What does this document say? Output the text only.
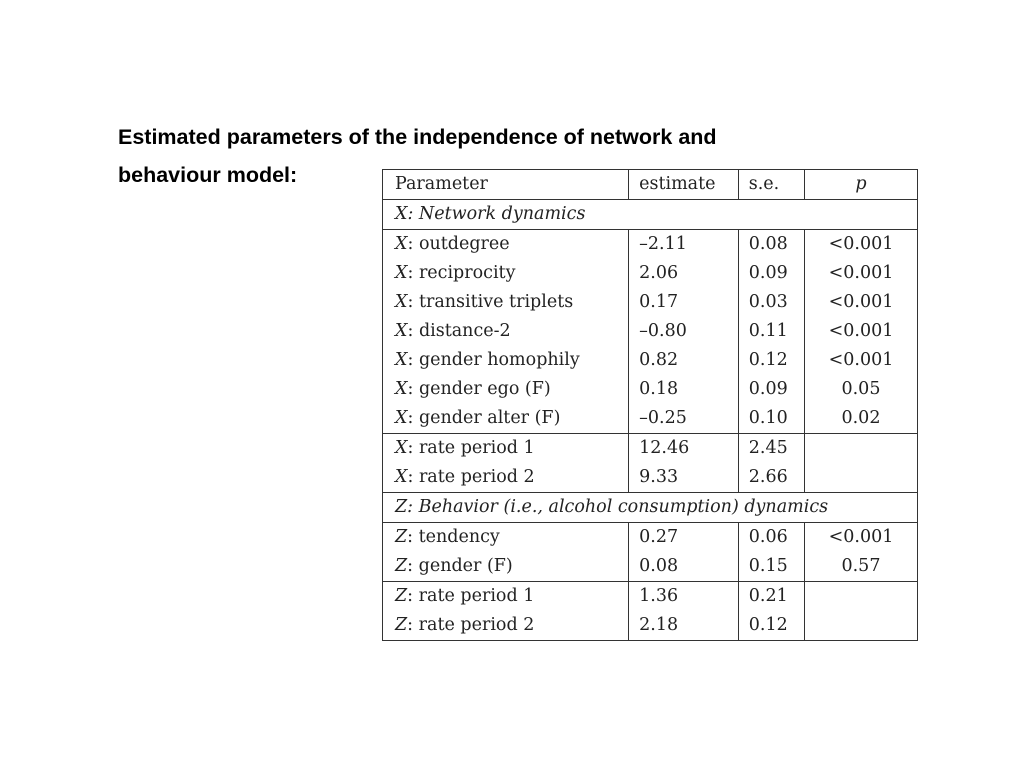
Estimated parameters of the independence of network and
behaviour model:	Parameter	estimate	s.e.	p
X: Network dynamics			
X: outdegree	–2.11	0.08	<0.001
X: reciprocity	2.06	0.09	<0.001
X: transitive triplets	0.17	0.03	<0.001
X: distance-2	–0.80	0.11	<0.001
X: gender homophily	0.82	0.12	<0.001
X: gender ego (F)	0.18	0.09	0.05
X: gender alter (F)	–0.25	0.10	0.02
X: rate period 1	12.46	2.45	
X: rate period 2	9.33	2.66	
Z: Behavior (i.e., alcohol consumption) dynamics			
Z: tendency	0.27	0.06	<0.001
Z: gender (F)	0.08	0.15	0.57
Z: rate period 1	1.36	0.21	
Z: rate period 2	2.18	0.12	
